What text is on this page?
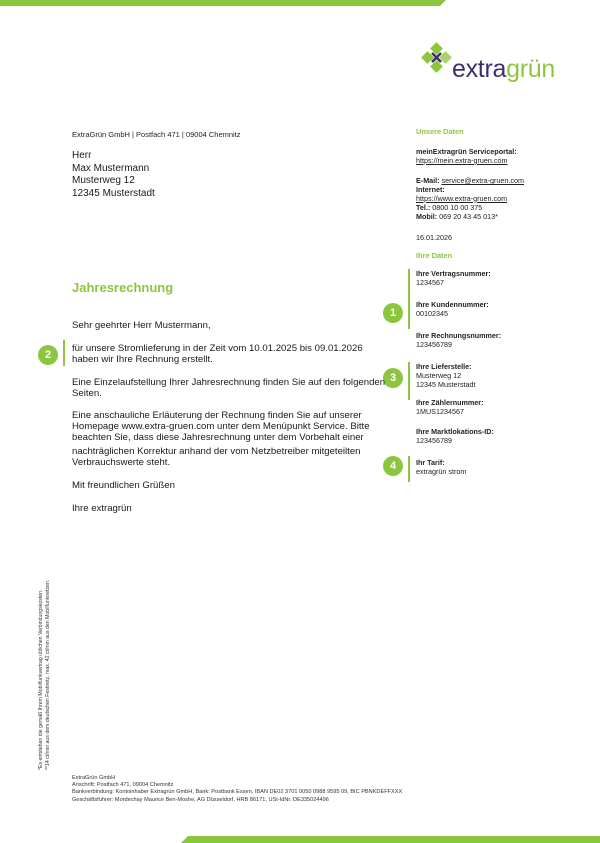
extragrün
ExtraGrün GmbH | Postfach 471 | 09004 Chemnitz
Herr
Max Mustermann
Musterweg 12
12345 Musterstadt
Unsere Daten
meinExtragrün Serviceportal:
https://mein.extra-gruen.com
E-Mail: service@extra-gruen.com
Internet:
https://www.extra-gruen.com
Tel.: 0800 10 00 375
Mobil: 069 20 43 45 013*
16.01.2026
Ihre Daten
Ihre Vertragsnummer:
1234567
Ihre Kundennummer:
00102345
Ihre Rechnungsnummer:
123456789
Ihre Lieferstelle:
Musterweg 12
12345 Musterstadt
Ihre Zählernummer:
1MUS1234567
Ihre Marktlokations-ID:
123456789
Ihr Tarif:
extragrün strom
1
2
3
4
Jahresrechnung
Sehr geehrter Herr Mustermann,
für unsere Stromlieferung in der Zeit vom 10.01.2025 bis 09.01.2026
haben wir Ihre Rechnung erstellt.
Eine Einzelaufstellung Ihrer Jahresrechnung finden Sie auf den folgenden
Seiten.
Eine anschauliche Erläuterung der Rechnung finden Sie auf unserer
Homepage www.extra-gruen.com unter dem Menüpunkt Service. Bitte
beachten Sie, dass diese Jahresrechnung unter dem Vorbehalt einer
nachträglichen Korrektur anhand der vom Netzbetreiber mitgeteilten
Verbrauchswerte steht.
Mit freundlichen Grüßen
Ihre extragrün
*Es entstehen die gemäß Ihrem Mobilfunkvertrag üblichen Verbindungskosten. **14 ct/min aus dem deutschen Festnetz, max. 42 ct/min aus den Mobilfunknetzen.
ExtraGrün GmbH
Anschrift: Postfach 471, 09004 Chemnitz
Bankverbindung: Kontoinhaber Extragrün GmbH, Bank: Postbank Essen, IBAN DE02 3701 0050 0988 9595 09, BIC PBNKDEFFXXX
Geschäftsführer: Mordechay Maurice Ben-Moshe, AG Düsseldorf, HRB 86171, USt-IdNr. DE335024496
